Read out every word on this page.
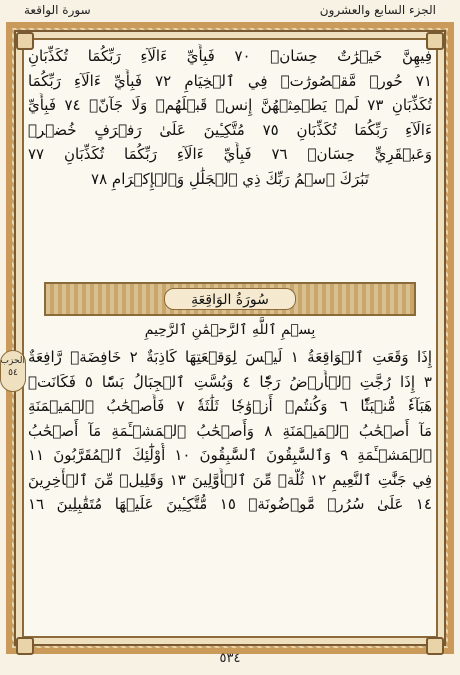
الجزء السابع والعشرون
سورة الواقعة
فِيهِنَّ خَيۡرَٰتٌ حِسَانٞ ٧٠ فَبِأَيِّ ءَالَآءِ رَبِّكُمَا تُكَذِّبَانِ
٧١ حُورٞ مَّقۡصُورَٰتٞ فِي ٱلۡخِيَامِ ٧٢ فَبِأَيِّ ءَالَآءِ رَبِّكُمَا
تُكَذِّبَانِ ٧٣ لَمۡ يَطۡمِثۡهُنَّ إِنسٞ قَبۡلَهُمۡ وَلَا جَآنّٞ ٧٤ فَبِأَيِّ
ءَالَآءِ رَبِّكُمَا تُكَذِّبَانِ ٧٥ مُتَّكِـِٔينَ عَلَىٰ رَفۡرَفٍ خُضۡرٖ
وَعَبۡقَرِيٍّ حِسَانٖ ٧٦ فَبِأَيِّ ءَالَآءِ رَبِّكُمَا تُكَذِّبَانِ ٧٧
تَبَٰرَكَ ٱسۡمُ رَبِّكَ ذِي ٱلۡجَلَٰلِ وَٱلۡإِكۡرَامِ ٧٨
سُورَةُ الوَاقِعَةِ
بِسۡمِ ٱللَّهِ ٱلرَّحۡمَٰنِ ٱلرَّحِيمِ
الحزب
٥٤
إِذَا وَقَعَتِ ٱلۡوَاقِعَةُ ١ لَيۡسَ لِوَقۡعَتِهَا كَاذِبَةٌ ٢ خَافِضَةٞ رَّافِعَةٌ
٣ إِذَا رُجَّتِ ٱلۡأَرۡضُ رَجّٗا ٤ وَبُسَّتِ ٱلۡجِبَالُ بَسّٗا ٥ فَكَانَتۡ
هَبَآءٗ مُّنۢبَثّٗا ٦ وَكُنتُمۡ أَزۡوَٰجٗا ثَلَٰثَةٗ ٧ فَأَصۡحَٰبُ ٱلۡمَيۡمَنَةِ
مَآ أَصۡحَٰبُ ٱلۡمَيۡمَنَةِ ٨ وَأَصۡحَٰبُ ٱلۡمَشۡـَٔمَةِ مَآ أَصۡحَٰبُ
ٱلۡمَشۡـَٔمَةِ ٩ وَٱلسَّٰبِقُونَ ٱلسَّٰبِقُونَ ١٠ أُوْلَٰٓئِكَ ٱلۡمُقَرَّبُونَ ١١
فِي جَنَّٰتِ ٱلنَّعِيمِ ١٢ ثُلَّةٞ مِّنَ ٱلۡأَوَّلِينَ ١٣ وَقَلِيلٞ مِّنَ ٱلۡأٓخِرِينَ
١٤ عَلَىٰ سُرُرٖ مَّوۡضُونَةٖ ١٥ مُّتَّكِـِٔينَ عَلَيۡهَا مُتَقَٰبِلِينَ ١٦
٥٣٤
